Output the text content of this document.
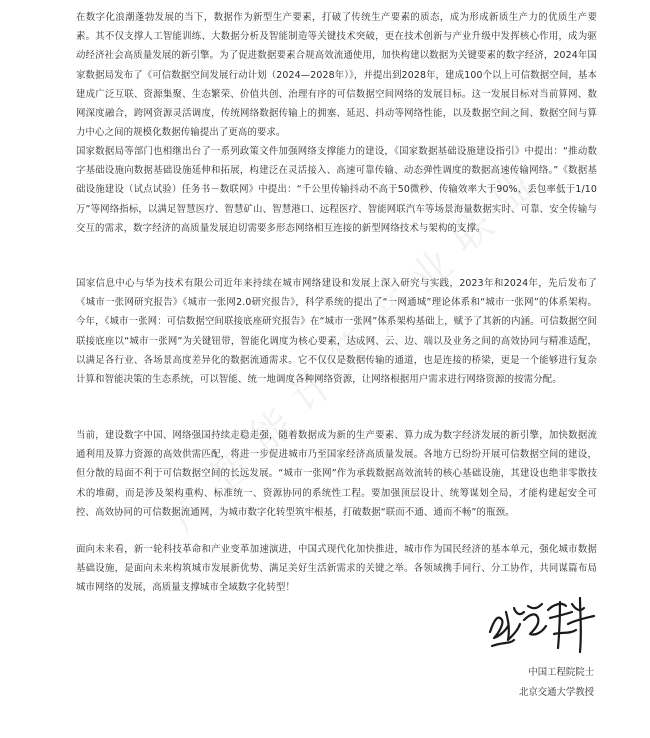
广
智
能
计
算
产
业
联
盟

在数字化浪潮蓬勃发展的当下，数据作为新型生产要素，打破了传统生产要素的质态，成为形成新质生产力的优质生产要素。其不仅支撑人工智能训练、大数据分析及智能制造等关键技术突破，更在技术创新与产业升级中发挥核心作用，成为驱动经济社会高质量发展的新引擎。为了促进数据要素合规高效流通使用，加快构建以数据为关键要素的数字经济，2024年国家数据局发布了《可信数据空间发展行动计划（2024—2028年）》，并提出到2028年，建成100个以上可信数据空间，基本建成广泛互联、资源集聚、生态繁荣、价值共创、治理有序的可信数据空间网络的发展目标。这一发展目标对当前算网、数网深度融合，跨网资源灵活调度，传统网络数据传输上的拥塞、延迟、抖动等网络性能，以及数据空间之间、数据空间与算力中心之间的规模化数据传输提出了更高的要求。

国家数据局等部门也相继出台了一系列政策文件加强网络支撑能力的建设，《国家数据基础设施建设指引》中提出：“推动数字基础设施向数据基础设施延伸和拓展，构建泛在灵活接入、高速可靠传输、动态弹性调度的数据高速传输网络。”《数据基础设施建设（试点试验）任务书－数联网》中提出：“千公里传输抖动不高于50微秒、传输效率大于90%、丢包率低于1/10万”等网络指标，以满足智慧医疗、智慧矿山、智慧港口、远程医疗、智能网联汽车等场景海量数据实时、可靠、安全传输与交互的需求，数字经济的高质量发展迫切需要多形态网络相互连接的新型网络技术与架构的支撑。

国家信息中心与华为技术有限公司近年来持续在城市网络建设和发展上深入研究与实践，2023年和2024年，先后发布了《城市一张网研究报告》《城市一张网2.0研究报告》，科学系统的提出了“一网通城”理论体系和“城市一张网”的体系架构。今年，《城市一张网：可信数据空间联接底座研究报告》在“城市一张网”体系架构基础上，赋予了其新的内涵。可信数据空间联接底座以“城市一张网”为关键钮带，智能化调度为核心要素，达成网、云、边、端以及业务之间的高效协同与精准适配，以满足各行业、各场景高度差异化的数据流通需求。它不仅仅是数据传输的通道，也是连接的桥梁，更是一个能够进行复杂计算和智能决策的生态系统，可以智能、统一地调度各种网络资源，让网络根据用户需求进行网络资源的按需分配。

当前，建设数字中国、网络强国持续走稳走强，随着数据成为新的生产要素、算力成为数字经济发展的新引擎，加快数据流通利用及算力资源的高效供需匹配，将进一步促进城市乃至国家经济高质量发展。各地方已纷纷开展可信数据空间的建设，但分散的局面不利于可信数据空间的长远发展。“城市一张网”作为承载数据高效流转的核心基础设施，其建设也绝非零散技术的堆砌，而是涉及架构重构、标准统一、资源协同的系统性工程。要加强顶层设计、统筹谋划全局，才能构建起安全可控、高效协同的可信数据流通网，为城市数字化转型筑牢根基，打破数据“联而不通、通而不畅”的瓶颈。

面向未来看，新一轮科技革命和产业变革加速演进，中国式现代化加快推进，城市作为国民经济的基本单元，强化城市数据基础设施，是面向未来构筑城市发展新优势、满足美好生活新需求的关键之举。各领域携手同行、分工协作，共同谋篇布局城市网络的发展，高质量支撑城市全域数字化转型！

中国工程院院士
北京交通大学教授
